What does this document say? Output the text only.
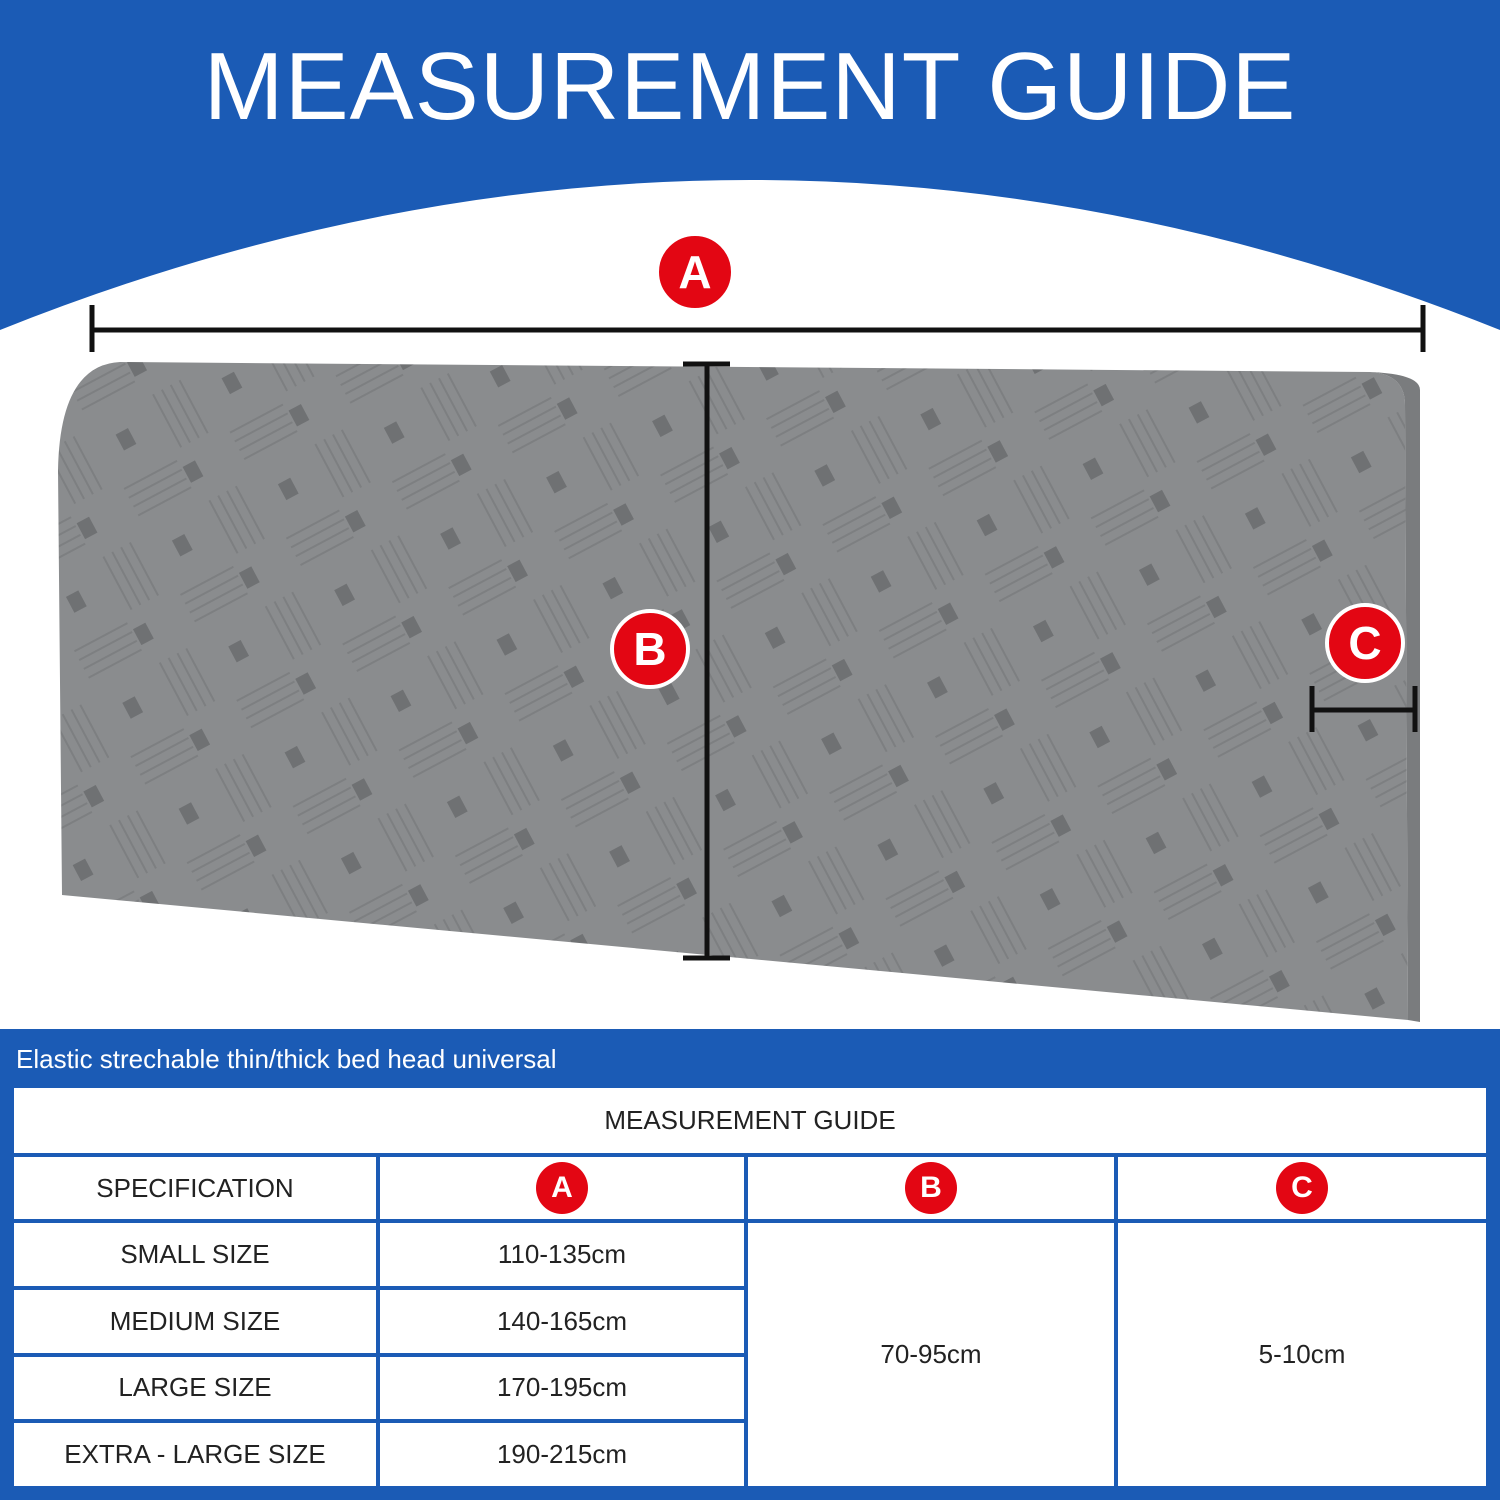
MEASUREMENT GUIDE
A
B	C
Elastic strechable thin/thick bed head universal
MEASUREMENT GUIDE			
SPECIFICATION	A	B	C
SMALL SIZE	110-135cm	70-95cm	5-10cm
MEDIUM SIZE	140-165cm		
LARGE SIZE	170-195cm		
EXTRA - LARGE SIZE	190-215cm		
